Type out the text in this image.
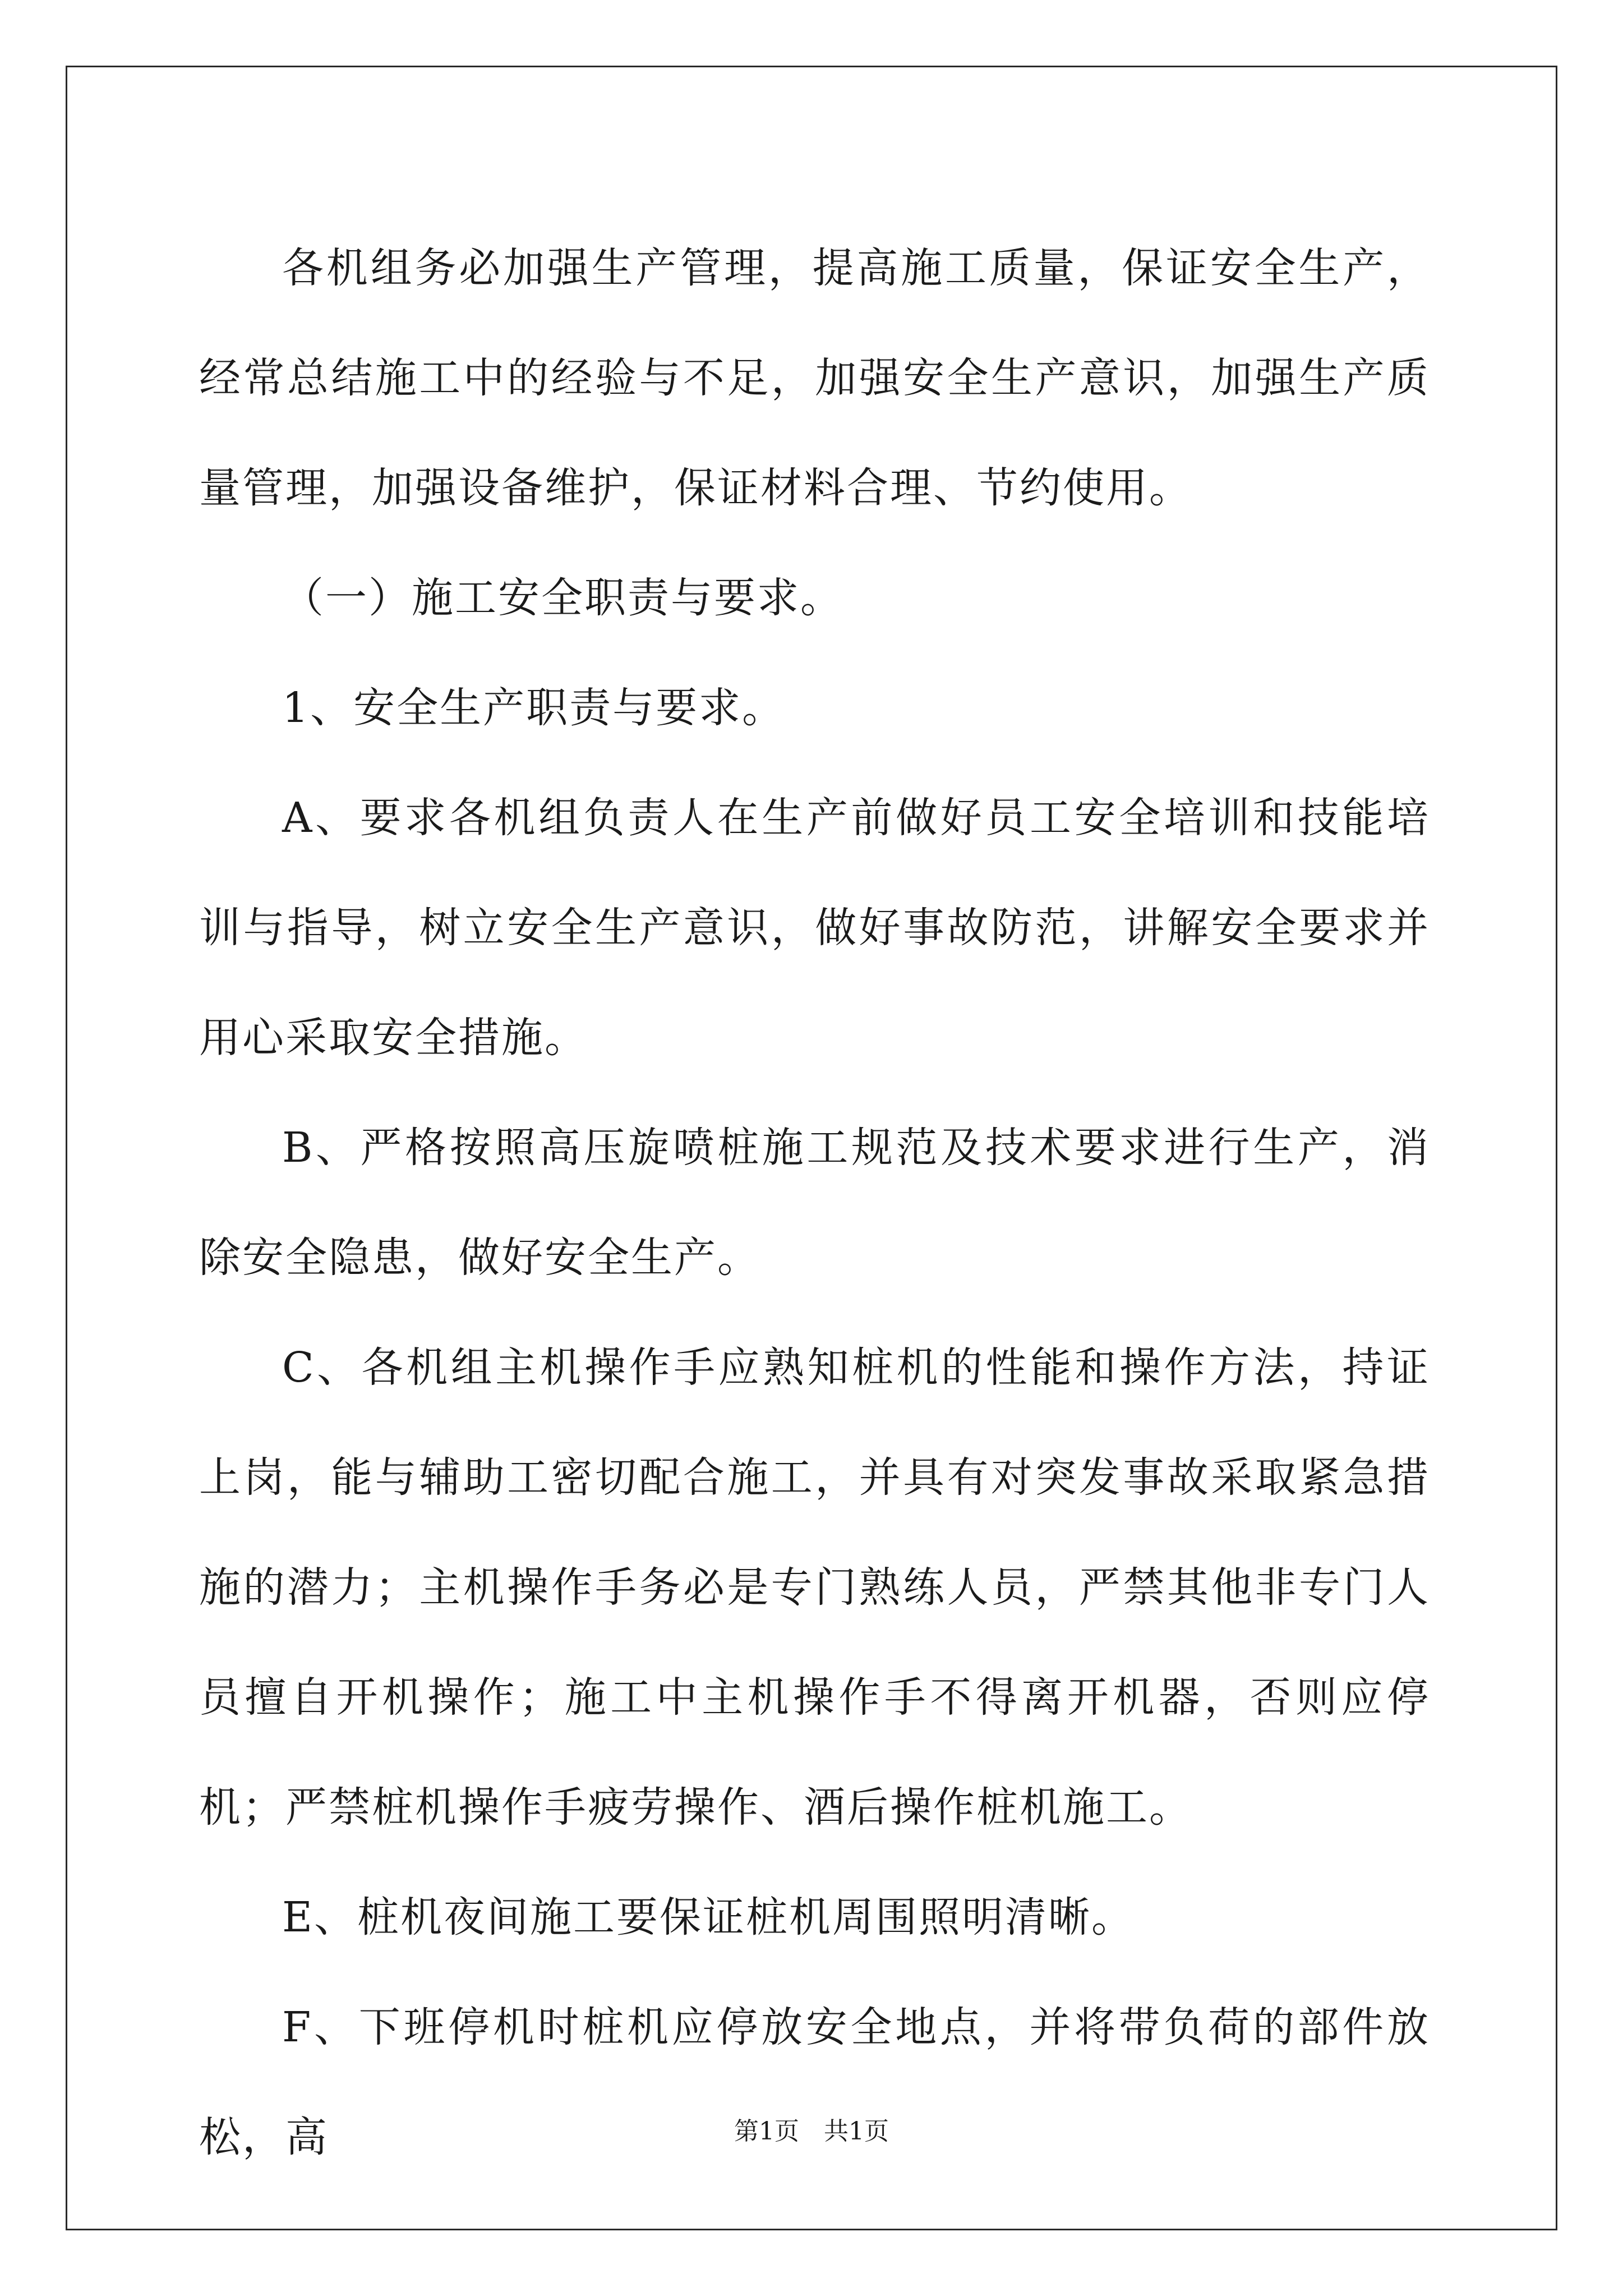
各机组务必加强生产管理，提高施工质量，保证安全生产，经常总结施工中的经验与不足，加强安全生产意识，加强生产质量管理，加强设备维护，保证材料合理、节约使用。

（一）施工安全职责与要求。

1、安全生产职责与要求。

A、要求各机组负责人在生产前做好员工安全培训和技能培训与指导，树立安全生产意识，做好事故防范，讲解安全要求并用心采取安全措施。

B、严格按照高压旋喷桩施工规范及技术要求进行生产，消除安全隐患，做好安全生产。

C、各机组主机操作手应熟知桩机的性能和操作方法，持证上岗，能与辅助工密切配合施工，并具有对突发事故采取紧急措施的潜力；主机操作手务必是专门熟练人员，严禁其他非专门人员擅自开机操作；施工中主机操作手不得离开机器，否则应停机；严禁桩机操作手疲劳操作、酒后操作桩机施工。

E、桩机夜间施工要保证桩机周围照明清晰。

F、下班停机时桩机应停放安全地点，并将带负荷的部件放松，高	第1页　共1页
